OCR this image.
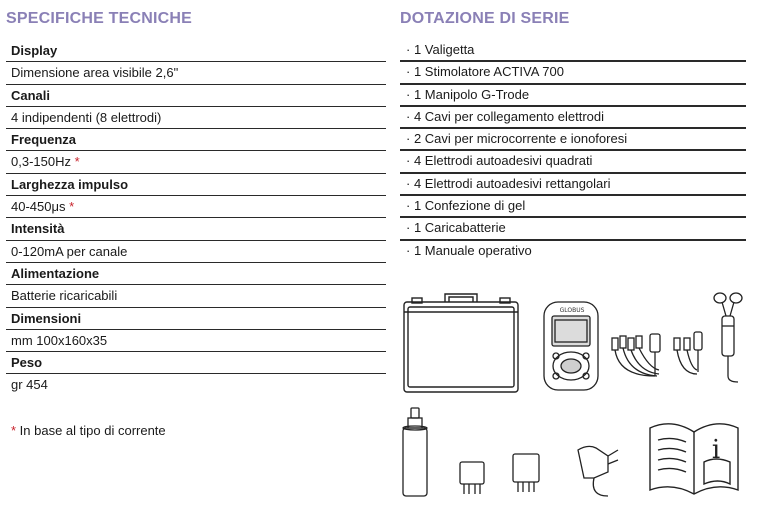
SPECIFICHE TECNICHE
Display
Dimensione area visibile 2,6"
Canali
4 indipendenti (8 elettrodi)
Frequenza
0,3-150Hz *
Larghezza impulso
40-450μs *
Intensità
0-120mA per canale
Alimentazione
Batterie ricaricabili
Dimensioni
mm 100x160x35
Peso
gr 454
* In base al tipo di corrente
DOTAZIONE DI SERIE
· 1 Valigetta
· 1 Stimolatore ACTIVA 700
· 1 Manipolo G-Trode
· 4 Cavi per collegamento elettrodi
· 2 Cavi per microcorrente e ionoforesi
· 4 Elettrodi autoadesivi quadrati
· 4 Elettrodi autoadesivi rettangolari
· 1 Confezione di gel
· 1 Caricabatterie
· 1 Manuale operativo
GLOBUS
i
